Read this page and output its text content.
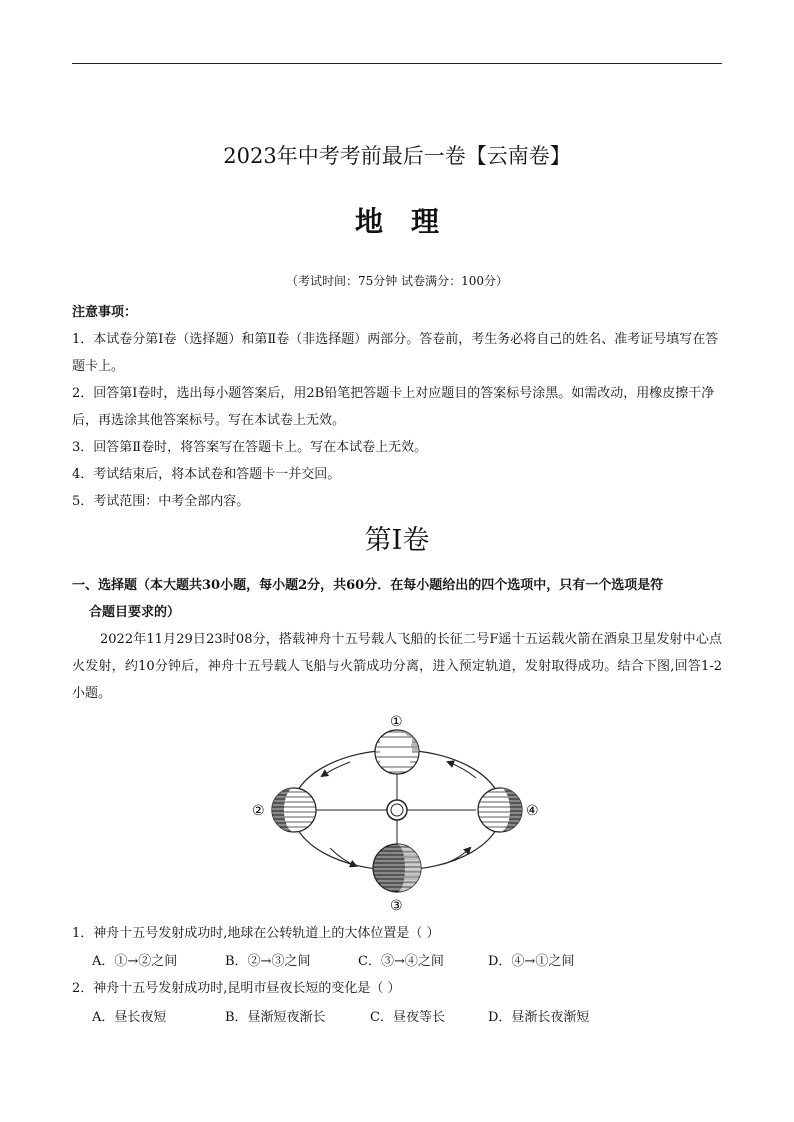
2023年中考考前最后一卷【云南卷】
地理
（考试时间：75分钟 试卷满分：100分）

注意事项：

1．本试卷分第Ⅰ卷（选择题）和第Ⅱ卷（非选择题）两部分。答卷前，考生务必将自己的姓名、准考证号填写在答题卡上。

2．回答第Ⅰ卷时，选出每小题答案后，用2B铅笔把答题卡上对应题目的答案标号涂黑。如需改动，用橡皮擦干净后，再选涂其他答案标号。写在本试卷上无效。

3．回答第Ⅱ卷时，将答案写在答题卡上。写在本试卷上无效。

4．考试结束后，将本试卷和答题卡一并交回。

5．考试范围：中考全部内容。

第Ⅰ卷
一、选择题（本大题共30小题，每小题2分，共60分．在每小题给出的四个选项中，只有一个选项是符
合题目要求的）
2022年11月29日23时08分，搭载神舟十五号载人飞船的长征二号F遥十五运载火箭在酒泉卫星发射中心点火发射，约10分钟后，神舟十五号载人飞船与火箭成功分离，进入预定轨道，发射取得成功。结合下图,回答1-2小题。
①
②
③
④
1．神舟十五号发射成功时,地球在公转轨道上的大体位置是（ ）
A．①→②之间	B．②→③之间	C．③→④之间	D．④→①之间
2．神舟十五号发射成功时,昆明市昼夜长短的变化是（ ）
A．昼长夜短	B．昼渐短夜渐长	C．昼夜等长	D．昼渐长夜渐短
